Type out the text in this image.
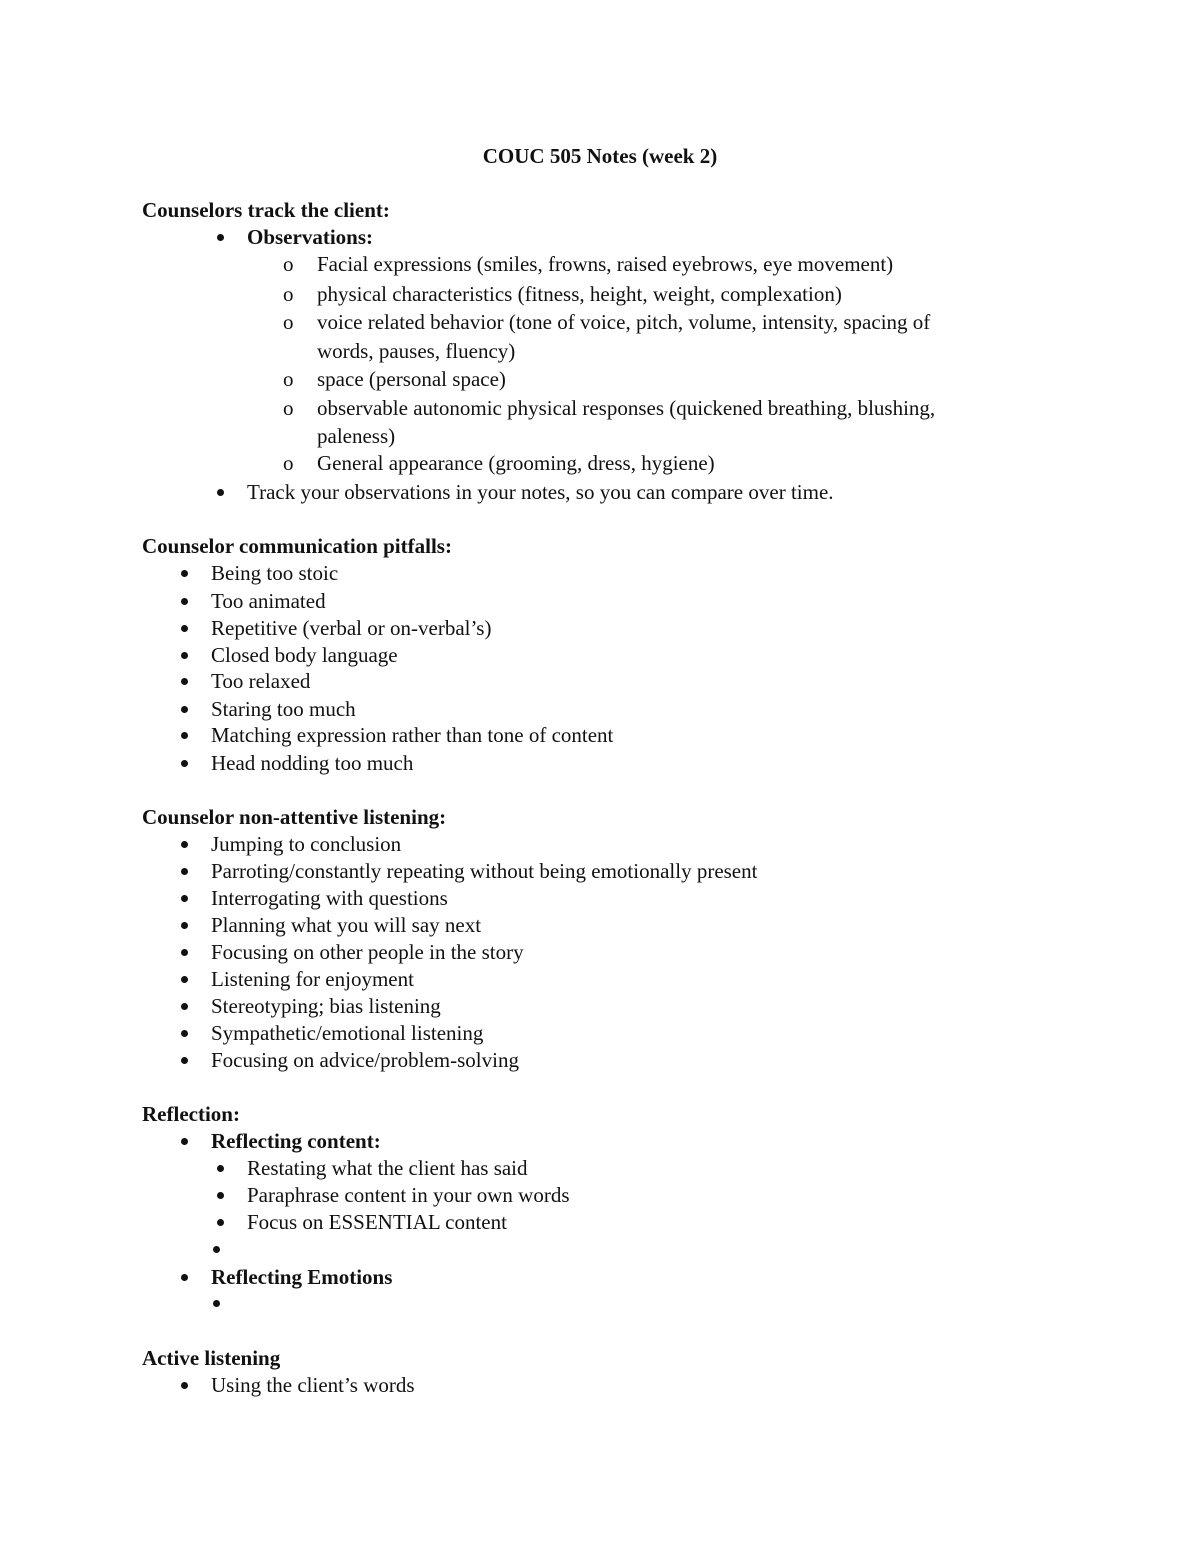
COUC 505 Notes (week 2)
Counselors track the client:
Observations:
o Facial expressions (smiles, frowns, raised eyebrows, eye movement)
o physical characteristics (fitness, height, weight, complexation)
o voice related behavior (tone of voice, pitch, volume, intensity, spacing of
words, pauses, fluency)
o space (personal space)
o observable autonomic physical responses (quickened breathing, blushing,
paleness)
o General appearance (grooming, dress, hygiene)
Track your observations in your notes, so you can compare over time.
Counselor communication pitfalls:
Being too stoic
Too animated
Repetitive (verbal or on-verbal’s)
Closed body language
Too relaxed
Staring too much
Matching expression rather than tone of content
Head nodding too much
Counselor non-attentive listening:
Jumping to conclusion
Parroting/constantly repeating without being emotionally present
Interrogating with questions
Planning what you will say next
Focusing on other people in the story
Listening for enjoyment
Stereotyping; bias listening
Sympathetic/emotional listening
Focusing on advice/problem-solving
Reflection:
Reflecting content:
Restating what the client has said
Paraphrase content in your own words
Focus on ESSENTIAL content
Reflecting Emotions
Active listening
Using the client’s words
